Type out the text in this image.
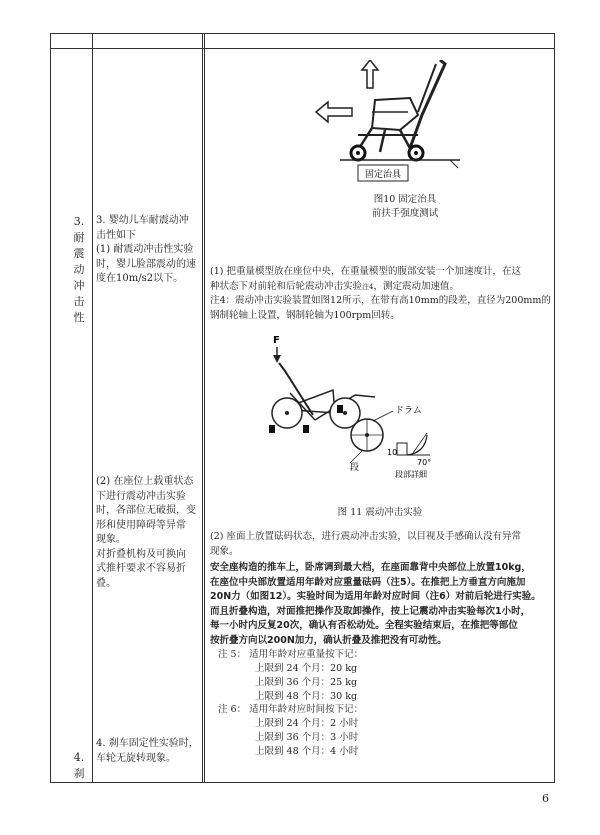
3.
耐
震
动
冲
击
性
4.
刹
3. 婴幼儿车耐震动冲
击性如下
(1) 耐震动冲击性实验
时，婴儿脸部震动的速
度在10m/s2以下。
(2) 在座位上载重状态
下进行震动冲击实验
时，各部位无破损，变
形和使用障碍等异常
现象。
对折叠机构及可换向
式推杆要求不容易折
叠。
4. 刹车固定性实验时，
车轮无旋转现象。
固定治具
图10 固定治具
前扶手强度测试
(1) 把重量模型放在座位中央，在重量模型的腹部安装一个加速度计，在这
种状态下对前轮和后轮震动冲击实验注4，测定震动加速值。
注4：震动冲击实验装置如图12所示，在带有高10mm的段差，直径为200mm的
钢制轮轴上设置，钢制轮轴为100rpm回转。
F
ドラム
段
10
70°
段部詳細
图 11 震动冲击实验
(2) 座面上放置砝码状态，进行震动冲击实验，以目视及手感确认没有异常
现象。
安全座构造的推车上，卧席调到最大档，在座面靠背中央部位上放置10kg，
在座位中央部放置适用年龄对应重量砝码（注5）。在推把上方垂直方向施加
20N力（如图12）。实验时间为适用年龄对应时间（注6）对前后轮进行实验。
而且折叠构造，对面推把操作及取卸操作，按上记震动冲击实验每次1小时，
每一小时内反复20次，确认有否松动处。全程实验结束后，在推把等部位
按折叠方向以200N加力，确认折叠及推把没有可动性。
注 5： 适用年龄对应重量按下记：
上限到 24 个月：20 kg
上限到 36 个月：25 kg
上限到 48 个月：30 kg
注 6： 适用年龄对应时间按下记：
上限到 24 个月：2 小时
上限到 36 个月：3 小时
上限到 48 个月：4 小时
6
